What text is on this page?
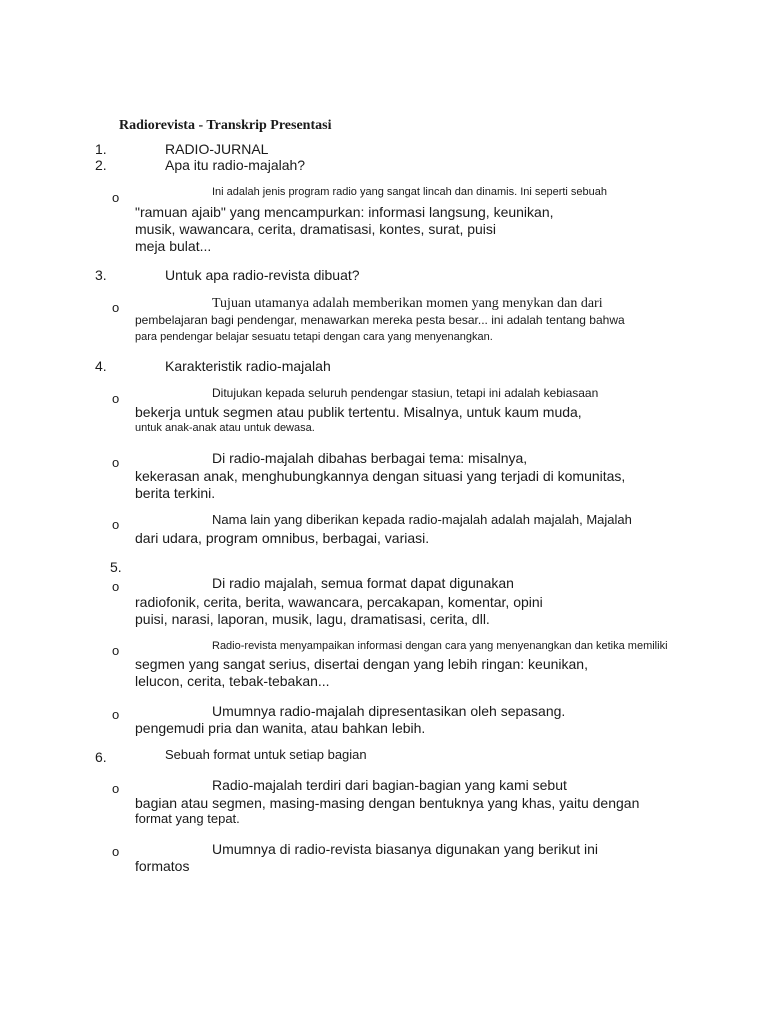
Radiorevista - Transkrip Presentasi
1.	RADIO-JURNAL
2.	Apa itu radio-majalah?
o	Ini adalah jenis program radio yang sangat lincah dan dinamis. Ini seperti sebuah
"ramuan ajaib" yang mencampurkan: informasi langsung, keunikan,
musik, wawancara, cerita, dramatisasi, kontes, surat, puisi
meja bulat...
3.	Untuk apa radio-revista dibuat?
o	Tujuan utamanya adalah memberikan momen yang menykan dan dari
pembelajaran bagi pendengar, menawarkan mereka pesta besar... ini adalah tentang bahwa
para pendengar belajar sesuatu tetapi dengan cara yang menyenangkan.
4.	Karakteristik radio-majalah
o	Ditujukan kepada seluruh pendengar stasiun, tetapi ini adalah kebiasaan
bekerja untuk segmen atau publik tertentu. Misalnya, untuk kaum muda,
untuk anak-anak atau untuk dewasa.
o	Di radio-majalah dibahas berbagai tema: misalnya,
kekerasan anak, menghubungkannya dengan situasi yang terjadi di komunitas,
berita terkini.
o	Nama lain yang diberikan kepada radio-majalah adalah majalah, Majalah
dari udara, program omnibus, berbagai, variasi.
5.
o	Di radio majalah, semua format dapat digunakan
radiofonik, cerita, berita, wawancara, percakapan, komentar, opini
puisi, narasi, laporan, musik, lagu, dramatisasi, cerita, dll.
o	Radio-revista menyampaikan informasi dengan cara yang menyenangkan dan ketika memiliki
segmen yang sangat serius, disertai dengan yang lebih ringan: keunikan,
lelucon, cerita, tebak-tebakan...
o	Umumnya radio-majalah dipresentasikan oleh sepasang.
pengemudi pria dan wanita, atau bahkan lebih.
6.	Sebuah format untuk setiap bagian
o	Radio-majalah terdiri dari bagian-bagian yang kami sebut
bagian atau segmen, masing-masing dengan bentuknya yang khas, yaitu dengan
format yang tepat.
o	Umumnya di radio-revista biasanya digunakan yang berikut ini
formatos
